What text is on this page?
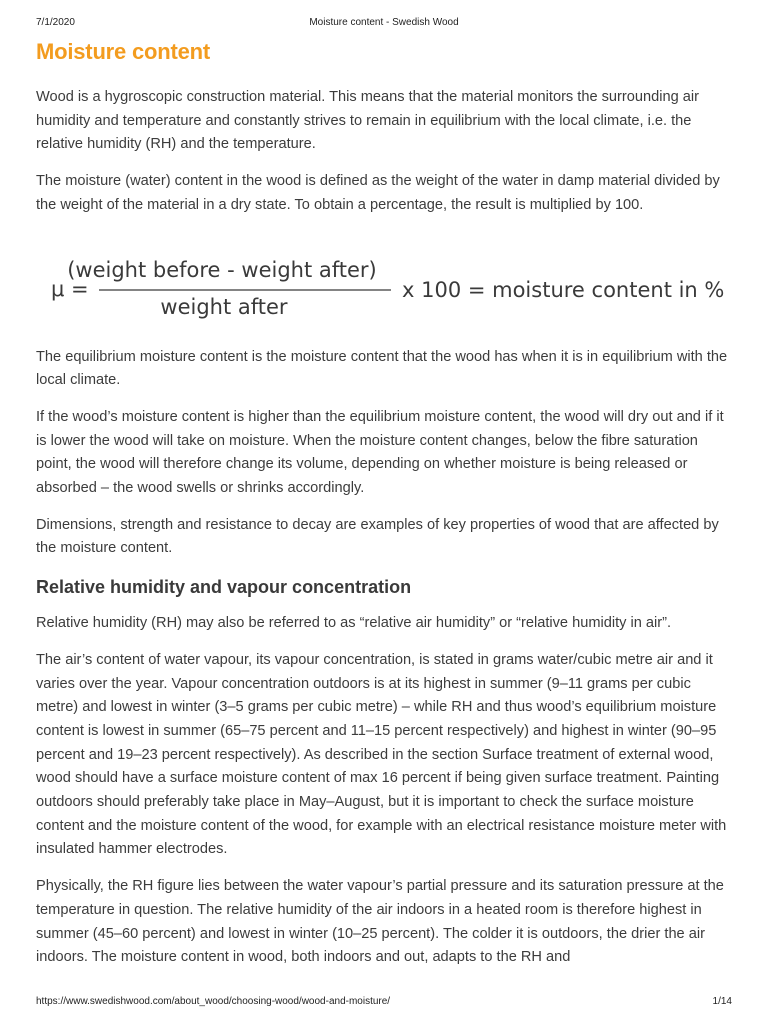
7/1/2020	Moisture content - Swedish Wood
Moisture content

Wood is a hygroscopic construction material. This means that the material monitors the surrounding air humidity and temperature and constantly strives to remain in equilibrium with the local climate, i.e. the relative humidity (RH) and the temperature.

The moisture (water) content in the wood is defined as the weight of the water in damp material divided by the weight of the material in a dry state. To obtain a percentage, the result is multiplied by 100.

μ =
(weight before - weight after)
weight after
x 100 = moisture content in %

The equilibrium moisture content is the moisture content that the wood has when it is in equilibrium with the local climate.

If the wood’s moisture content is higher than the equilibrium moisture content, the wood will dry out and if it is lower the wood will take on moisture. When the moisture content changes, below the fibre saturation point, the wood will therefore change its volume, depending on whether moisture is being released or absorbed – the wood swells or shrinks accordingly.

Dimensions, strength and resistance to decay are examples of key properties of wood that are affected by the moisture content.

Relative humidity and vapour concentration

Relative humidity (RH) may also be referred to as “relative air humidity” or “relative humidity in air”.

The air’s content of water vapour, its vapour concentration, is stated in grams water/cubic metre air and it varies over the year. Vapour concentration outdoors is at its highest in summer (9–11 grams per cubic metre) and lowest in winter (3–5 grams per cubic metre) – while RH and thus wood’s equilibrium moisture content is lowest in summer (65–75 percent and 11–15 percent respectively) and highest in winter (90–95 percent and 19–23 percent respectively). As described in the section Surface treatment of external wood, wood should have a surface moisture content of max 16 percent if being given surface treatment. Painting outdoors should preferably take place in May–August, but it is important to check the surface moisture content and the moisture content of the wood, for example with an electrical resistance moisture meter with insulated hammer electrodes.

Physically, the RH figure lies between the water vapour’s partial pressure and its saturation pressure at the temperature in question. The relative humidity of the air indoors in a heated room is therefore highest in summer (45–60 percent) and lowest in winter (10–25 percent). The colder it is outdoors, the drier the air indoors. The moisture content in wood, both indoors and out, adapts to the RH and

https://www.swedishwood.com/about_wood/choosing-wood/wood-and-moisture/	1/14
